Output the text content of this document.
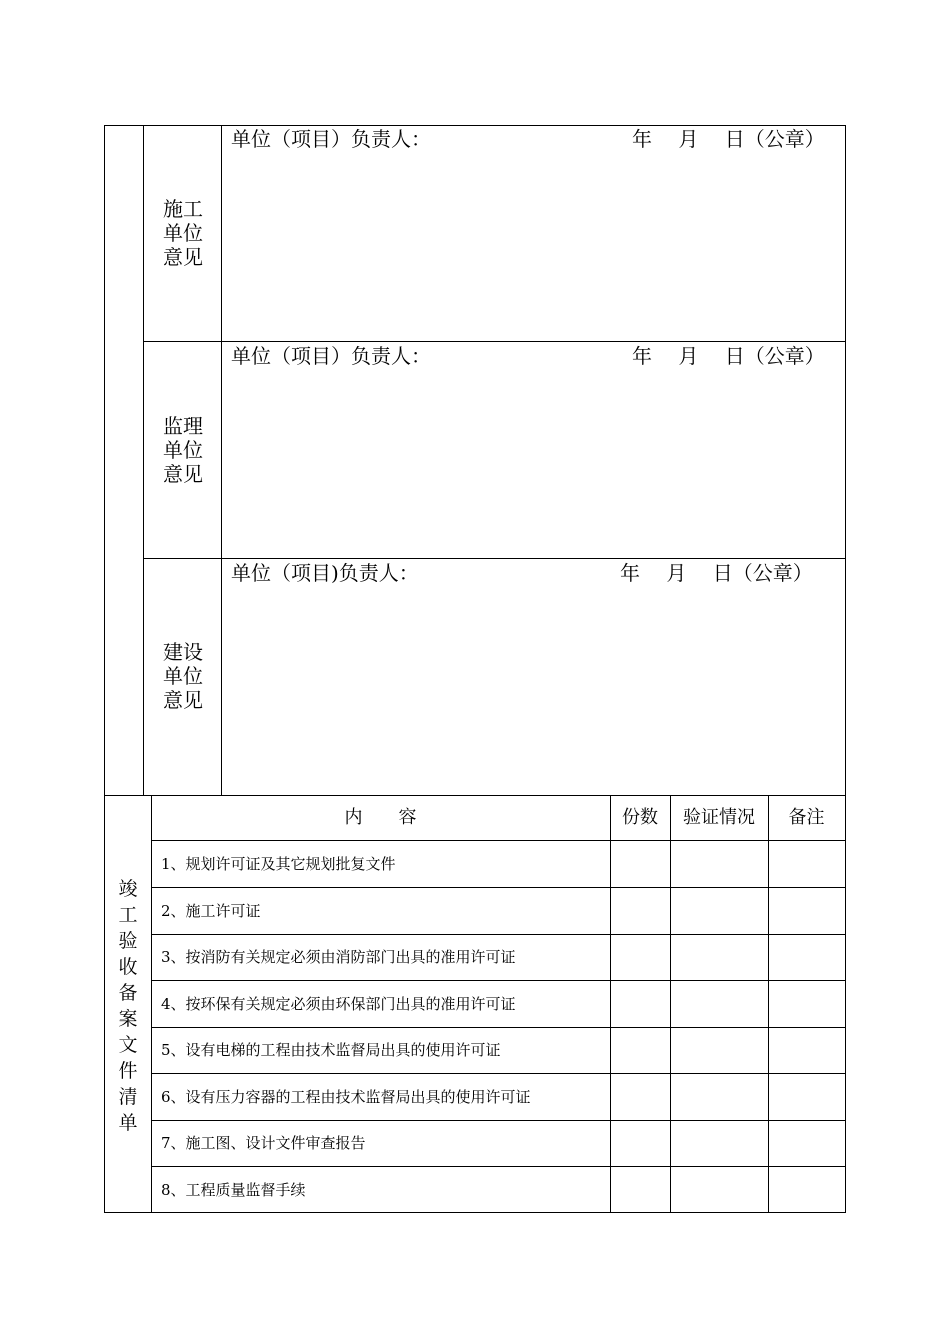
施工
单位
意见
单位（项目）负责人：	年　 月　 日（公章）
监理
单位
意见
单位（项目）负责人：	年　 月　 日（公章）
建设
单位
意见
单位（项目)负责人：	年　 月　 日（公章）
竣
工
验
收
备
案
文
件
清
单
内　　容	份数	验证情况	备注
1、规划许可证及其它规划批复文件
2、施工许可证
3、按消防有关规定必须由消防部门出具的准用许可证
4、按环保有关规定必须由环保部门出具的准用许可证
5、设有电梯的工程由技术监督局出具的使用许可证
6、设有压力容器的工程由技术监督局出具的使用许可证
7、施工图、设计文件审查报告
8、工程质量监督手续
